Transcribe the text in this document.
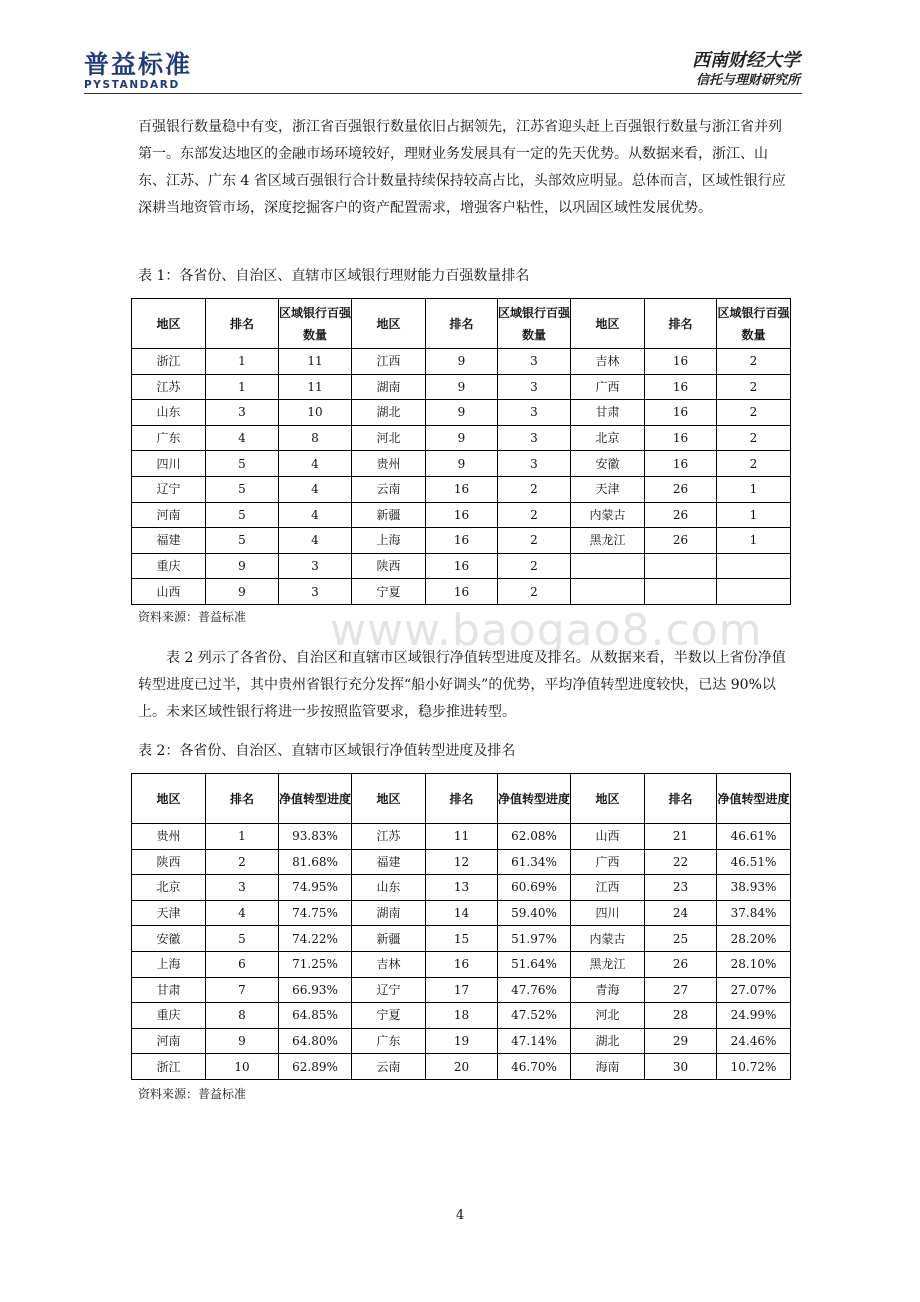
普益标准
PYSTANDARD
西南财经大学
信托与理财研究所

百强银行数量稳中有变，浙江省百强银行数量依旧占据领先，江苏省迎头赶上百强银行数量与浙江省并列第一。东部发达地区的金融市场环境较好，理财业务发展具有一定的先天优势。从数据来看，浙江、山东、江苏、广东 4 省区域百强银行合计数量持续保持较高占比，头部效应明显。总体而言，区域性银行应深耕当地资管市场，深度挖掘客户的资产配置需求，增强客户粘性，以巩固区域性发展优势。

表 1：各省份、自治区、直辖市区域银行理财能力百强数量排名
地区	排名	区域银行百强数量	地区	排名	区域银行百强数量	地区	排名	区域银行百强数量
浙江	1	11	江西	9	3	吉林	16	2
江苏	1	11	湖南	9	3	广西	16	2
山东	3	10	湖北	9	3	甘肃	16	2
广东	4	8	河北	9	3	北京	16	2
四川	5	4	贵州	9	3	安徽	16	2
辽宁	5	4	云南	16	2	天津	26	1
河南	5	4	新疆	16	2	内蒙古	26	1
福建	5	4	上海	16	2	黑龙江	26	1
重庆	9	3	陕西	16	2			
山西	9	3	宁夏	16	2			
资料来源：普益标准 www.baogao8.com

表 2 列示了各省份、自治区和直辖市区域银行净值转型进度及排名。从数据来看，半数以上省份净值转型进度已过半，其中贵州省银行充分发挥“船小好调头”的优势，平均净值转型进度较快，已达 90%以上。未来区域性银行将进一步按照监管要求，稳步推进转型。

表 2：各省份、自治区、直辖市区域银行净值转型进度及排名
地区	排名	净值转型进度	地区	排名	净值转型进度	地区	排名	净值转型进度
贵州	1	93.83%	江苏	11	62.08%	山西	21	46.61%
陕西	2	81.68%	福建	12	61.34%	广西	22	46.51%
北京	3	74.95%	山东	13	60.69%	江西	23	38.93%
天津	4	74.75%	湖南	14	59.40%	四川	24	37.84%
安徽	5	74.22%	新疆	15	51.97%	内蒙古	25	28.20%
上海	6	71.25%	吉林	16	51.64%	黑龙江	26	28.10%
甘肃	7	66.93%	辽宁	17	47.76%	青海	27	27.07%
重庆	8	64.85%	宁夏	18	47.52%	河北	28	24.99%
河南	9	64.80%	广东	19	47.14%	湖北	29	24.46%
浙江	10	62.89%	云南	20	46.70%	海南	30	10.72%
资料来源：普益标准
4
